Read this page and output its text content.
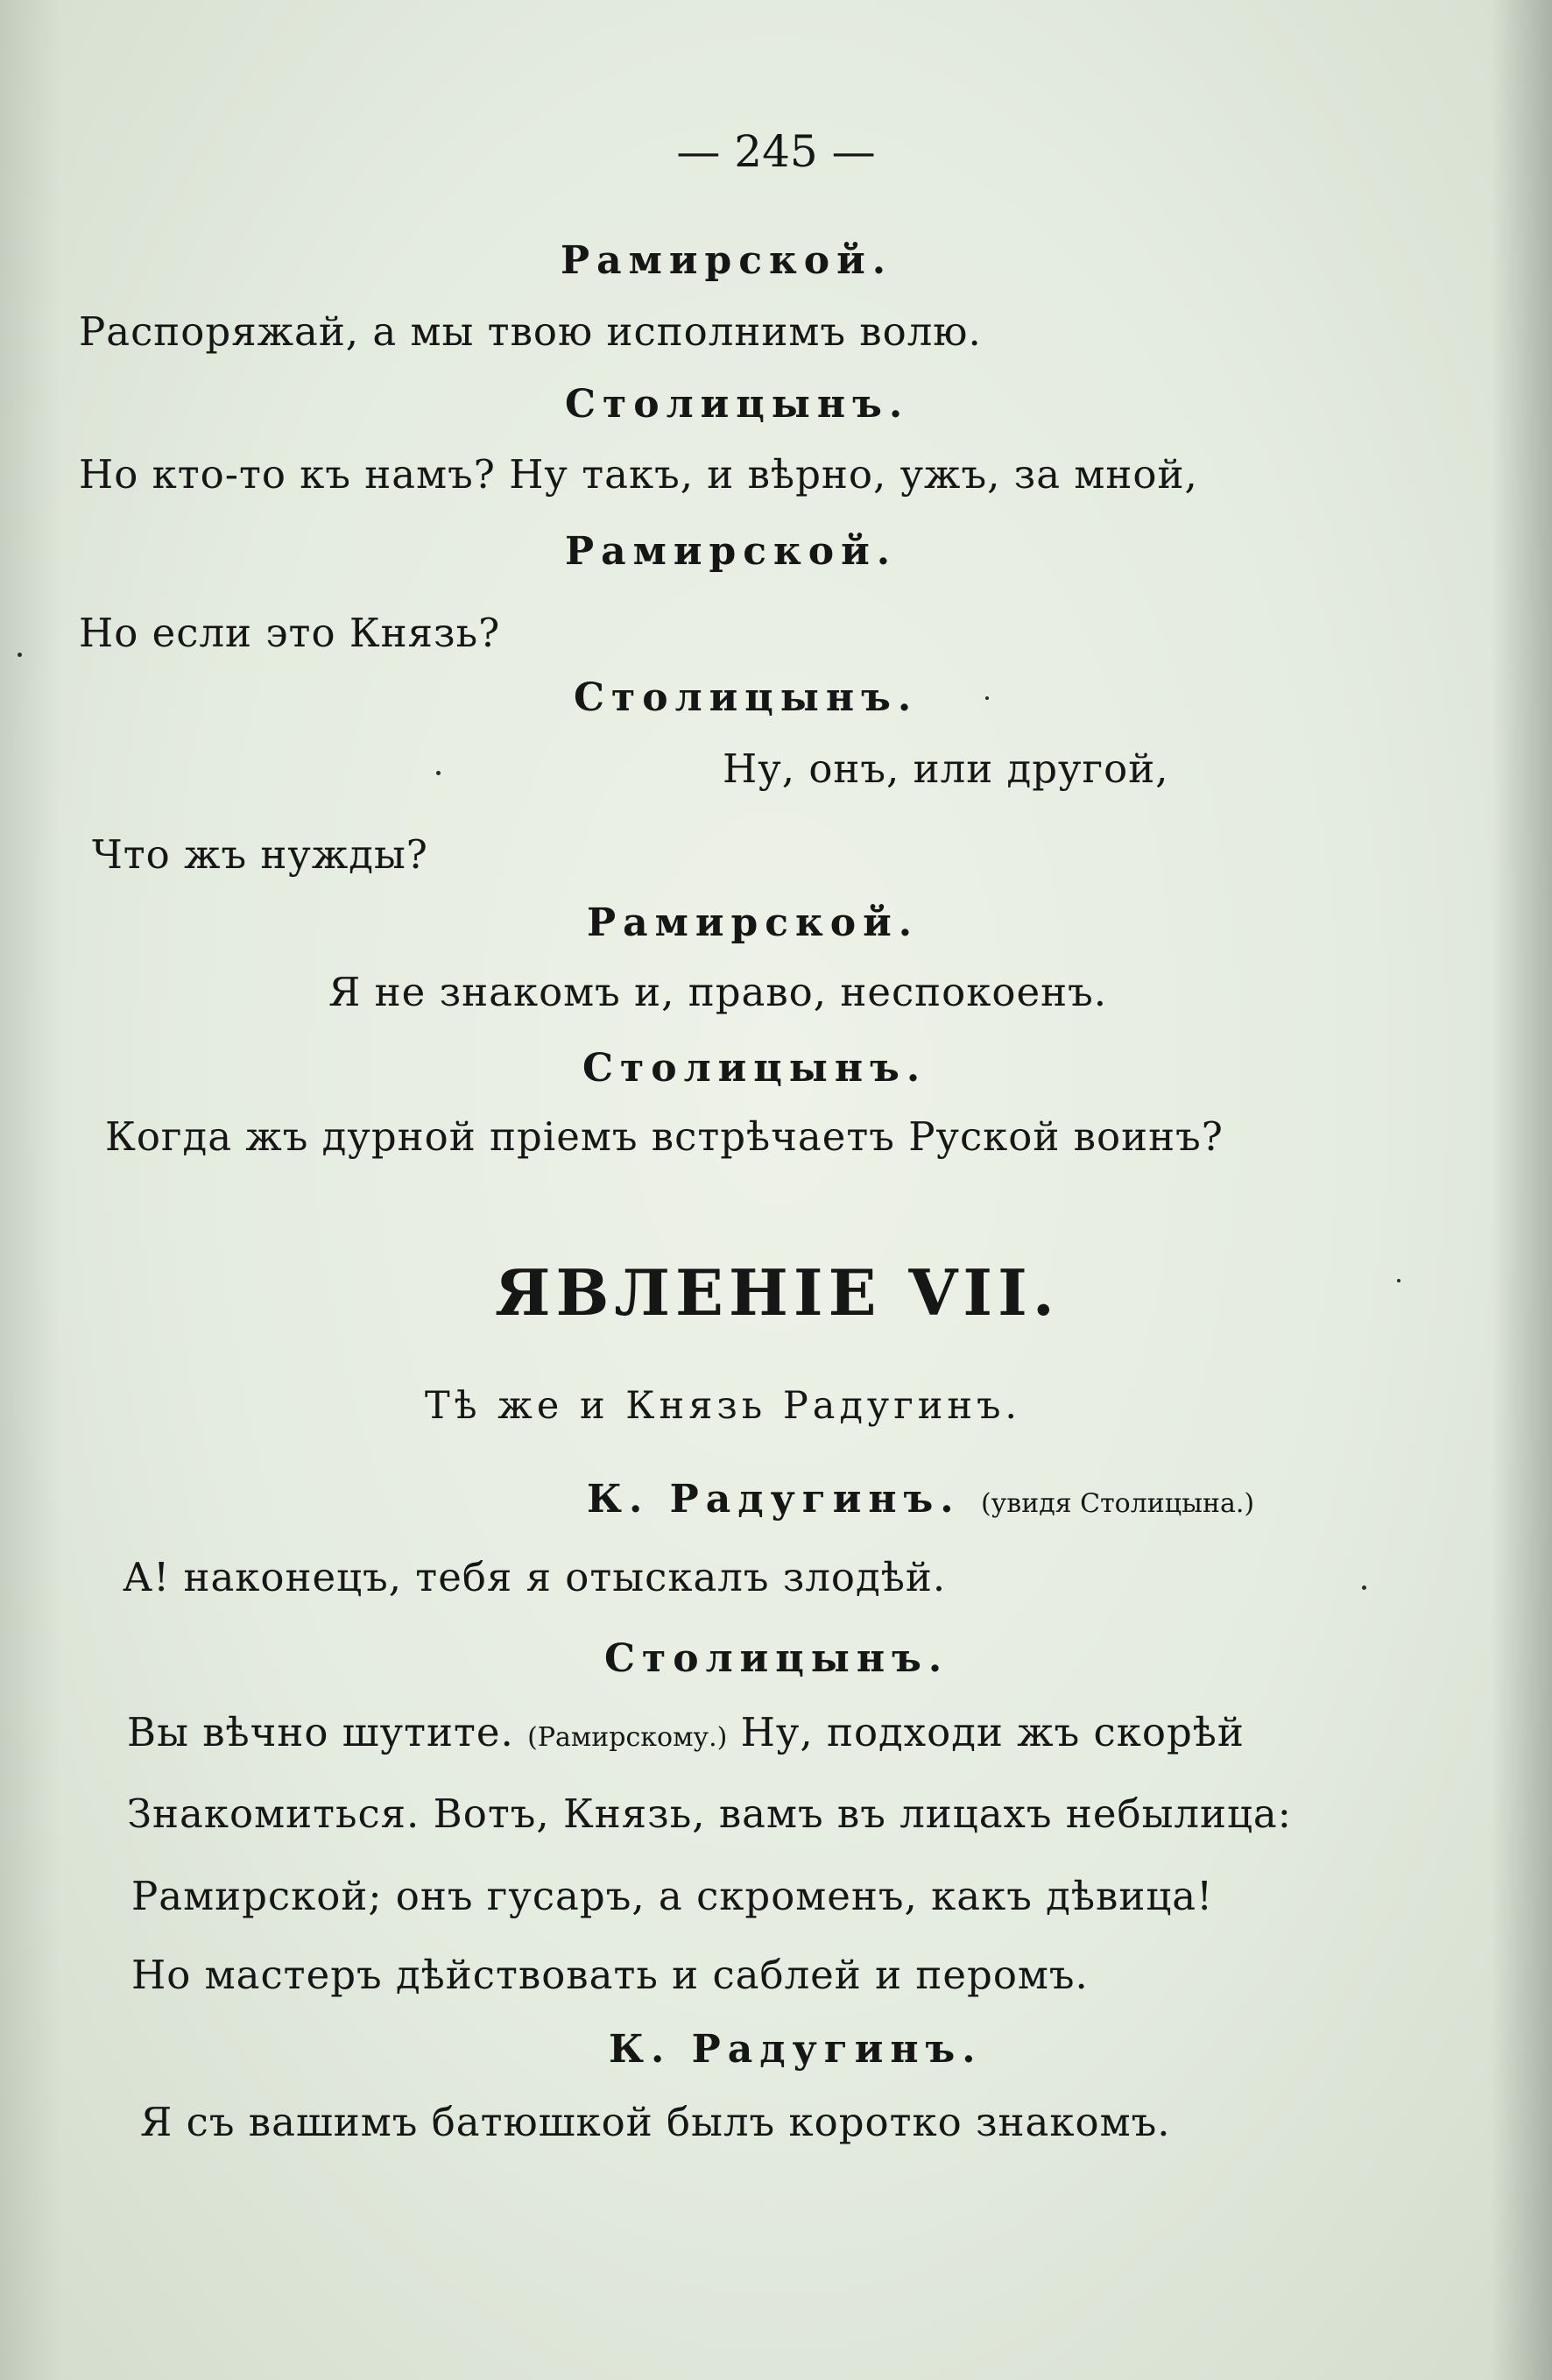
— 245 —
Рамирской.
Распоряжай, а мы твою исполнимъ волю.
Столицынъ.
Но кто-то къ намъ? Ну такъ, и вѣрно, ужъ, за мной,
Рамирской.
Но если это Князь?
Столицынъ.
Ну, онъ, или другой,
Что жъ нужды?
Рамирской.
Я не знакомъ и, право, неспокоенъ.
Столицынъ.
Когда жъ дурной пріемъ встрѣчаетъ Руской воинъ?
ЯВЛЕНІЕ VII.
Тѣ же и Князь Радугинъ.
К. Радугинъ. (увидя Столицына.)
А! наконецъ, тебя я отыскалъ злодѣй.
Столицынъ.
Вы вѣчно шутите. (Рамирскому.) Ну, подходи жъ скорѣй
Знакомиться. Вотъ, Князь, вамъ въ лицахъ небылица:
Рамирской; онъ гусаръ, а скроменъ, какъ дѣвица!
Но мастеръ дѣйствовать и саблей и перомъ.
К. Радугинъ.
Я съ вашимъ батюшкой былъ коротко знакомъ.
